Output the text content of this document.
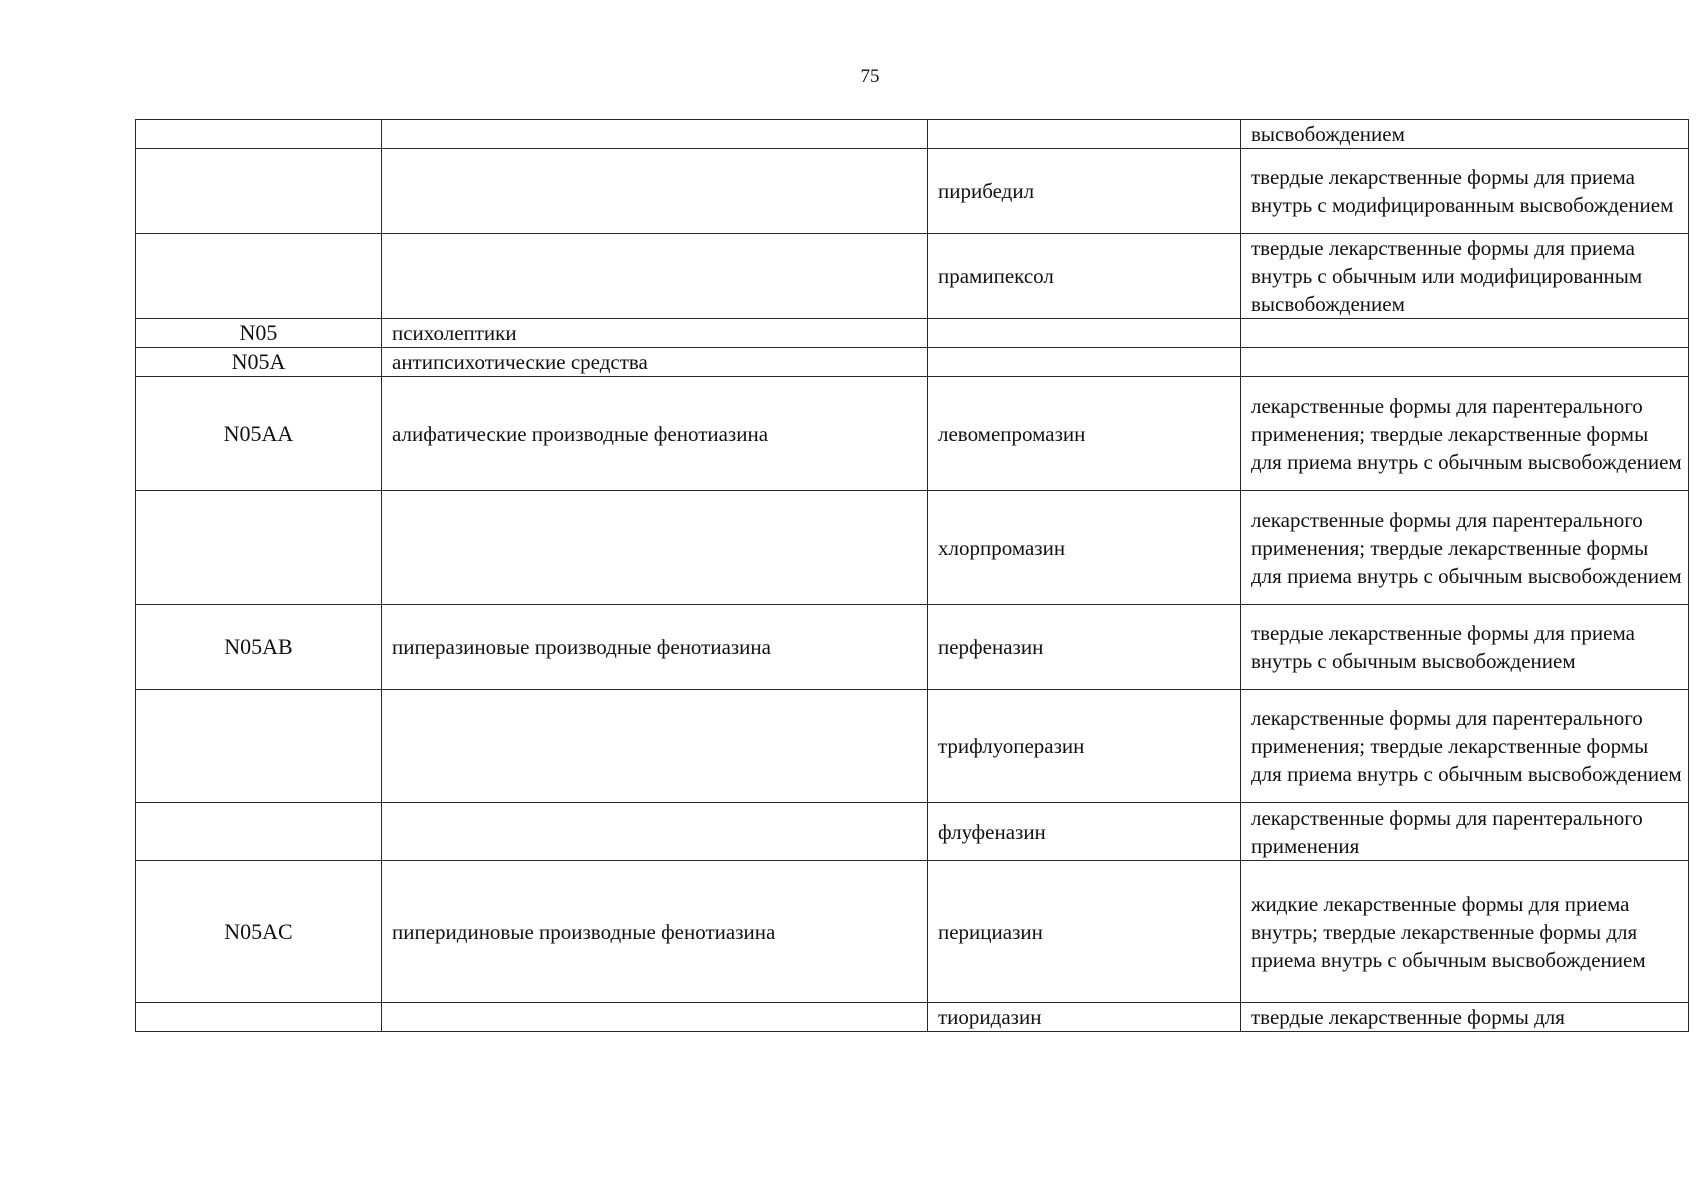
75
			высвобождением
		пирибедил	твердые лекарственные формы для приема внутрь с модифицированным высвобождением
		прамипексол	твердые лекарственные формы для приема внутрь с обычным или модифицированным высвобождением
N05	психолептики		
N05A	антипсихотические средства		
N05AA	алифатические производные фенотиазина	левомепромазин	лекарственные формы для парентерального применения; твердые лекарственные формы для приема внутрь с обычным высвобождением
		хлорпромазин	лекарственные формы для парентерального применения; твердые лекарственные формы для приема внутрь с обычным высвобождением
N05AB	пиперазиновые производные фенотиазина	перфеназин	твердые лекарственные формы для приема внутрь с обычным высвобождением
		трифлуоперазин	лекарственные формы для парентерального применения; твердые лекарственные формы для приема внутрь с обычным высвобождением
		флуфеназин	лекарственные формы для парентерального применения
N05AC	пиперидиновые производные фенотиазина	перициазин	жидкие лекарственные формы для приема внутрь; твердые лекарственные формы для приема внутрь с обычным высвобождением
		тиоридазин	твердые лекарственные формы для
